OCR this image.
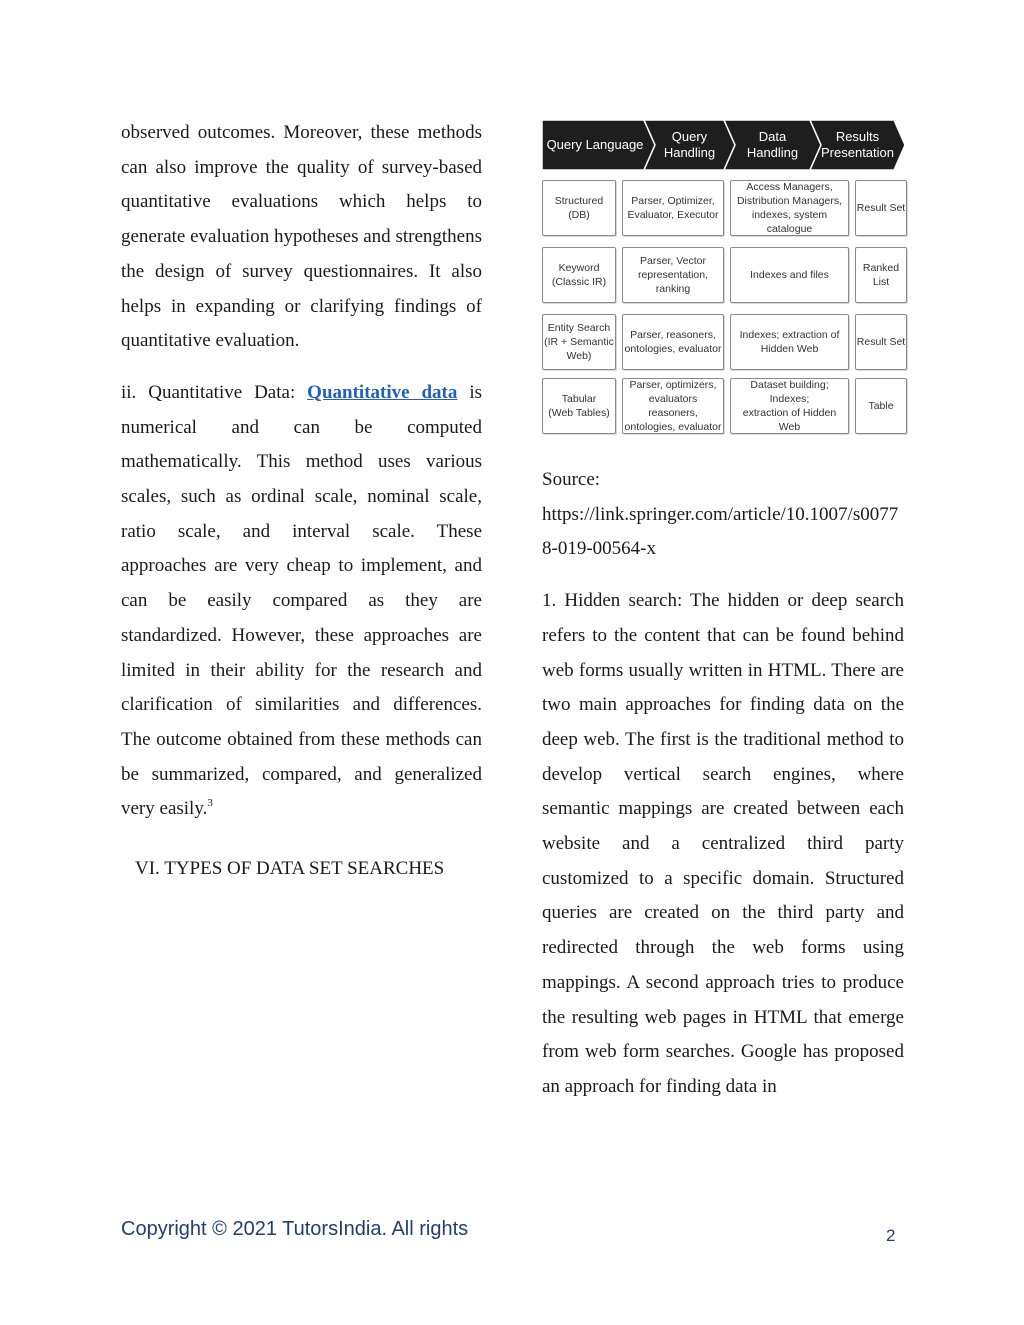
observed outcomes. Moreover, these methods can also improve the quality of survey-based quantitative evaluations which helps to generate evaluation hypotheses and strengthens the design of survey questionnaires. It also helps in expanding or clarifying findings of quantitative evaluation.

ii. Quantitative Data: Quantitative data is numerical and can be computed mathematically. This method uses various scales, such as ordinal scale, nominal scale, ratio scale, and interval scale. These approaches are very cheap to implement, and can be easily compared as they are standardized. However, these approaches are limited in their ability for the research and clarification of similarities and differences. The outcome obtained from these methods can be summarized, compared, and generalized very easily.$^3$

VI. TYPES OF DATA SET SEARCHES

Query Language
Query
Handling
Data Handling
Results
Presentation
Structured
(DB)
Parser, Optimizer,
Evaluator, Executor
Access Managers,
Distribution Managers,
indexes, system catalogue
Result Set
Keyword
(Classic IR)
Parser, Vector
representation, ranking
Indexes and files
Ranked List
Entity Search
(IR + Semantic
Web)
Parser, reasoners,
ontologies, evaluator
Indexes; extraction of
Hidden Web
Result Set
Tabular
(Web Tables)
Parser, optimizers,
evaluators reasoners,
ontologies, evaluator
Dataset building; Indexes;
extraction of Hidden Web
Table

Source:

https://link.springer.com/article/10.1007/s00778-019-00564-x

1. Hidden search: The hidden or deep search refers to the content that can be found behind web forms usually written in HTML. There are two main approaches for finding data on the deep web. The first is the traditional method to develop vertical search engines, where semantic mappings are created between each website and a centralized third party customized to a specific domain. Structured queries are created on the third party and redirected through the web forms using mappings. A second approach tries to produce the resulting web pages in HTML that emerge from web form searches. Google has proposed an approach for finding data in

Copyright © 2021 TutorsIndia. All rights	2
